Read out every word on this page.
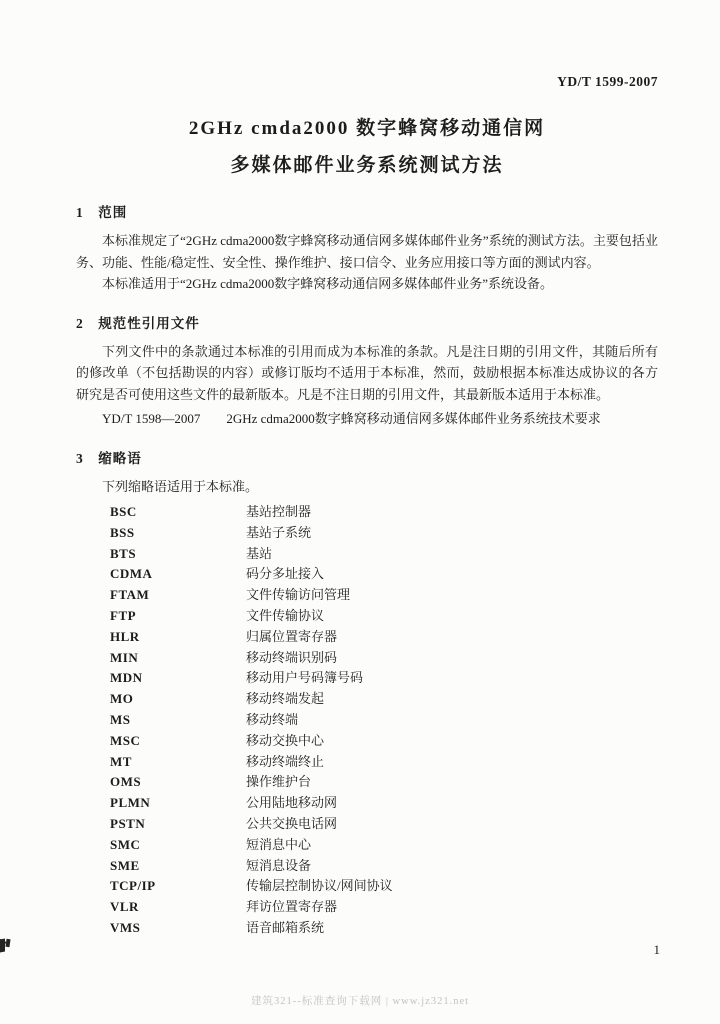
YD/T 1599-2007
2GHz cmda2000 数字蜂窝移动通信网
多媒体邮件业务系统测试方法
1　范围

本标准规定了“2GHz cdma2000数字蜂窝移动通信网多媒体邮件业务”系统的测试方法。主要包括业务、功能、性能/稳定性、安全性、操作维护、接口信令、业务应用接口等方面的测试内容。

本标准适用于“2GHz cdma2000数字蜂窝移动通信网多媒体邮件业务”系统设备。

2　规范性引用文件

下列文件中的条款通过本标准的引用而成为本标准的条款。凡是注日期的引用文件，其随后所有的修改单（不包括勘误的内容）或修订版均不适用于本标准，然而，鼓励根据本标准达成协议的各方研究是否可使用这些文件的最新版本。凡是不注日期的引用文件，其最新版本适用于本标准。

YD/T 1598—2007　　2GHz cdma2000数字蜂窝移动通信网多媒体邮件业务系统技术要求
3　缩略语

下列缩略语适用于本标准。

BSC	基站控制器
BSS	基站子系统
BTS	基站
CDMA	码分多址接入
FTAM	文件传输访问管理
FTP	文件传输协议
HLR	归属位置寄存器
MIN	移动终端识别码
MDN	移动用户号码簿号码
MO	移动终端发起
MS	移动终端
MSC	移动交换中心
MT	移动终端终止
OMS	操作维护台
PLMN	公用陆地移动网
PSTN	公共交换电话网
SMC	短消息中心
SME	短消息设备
TCP/IP	传输层控制协议/网间协议
VLR	拜访位置寄存器
VMS	语音邮箱系统
1
建筑321--标准查询下载网 | www.jz321.net
